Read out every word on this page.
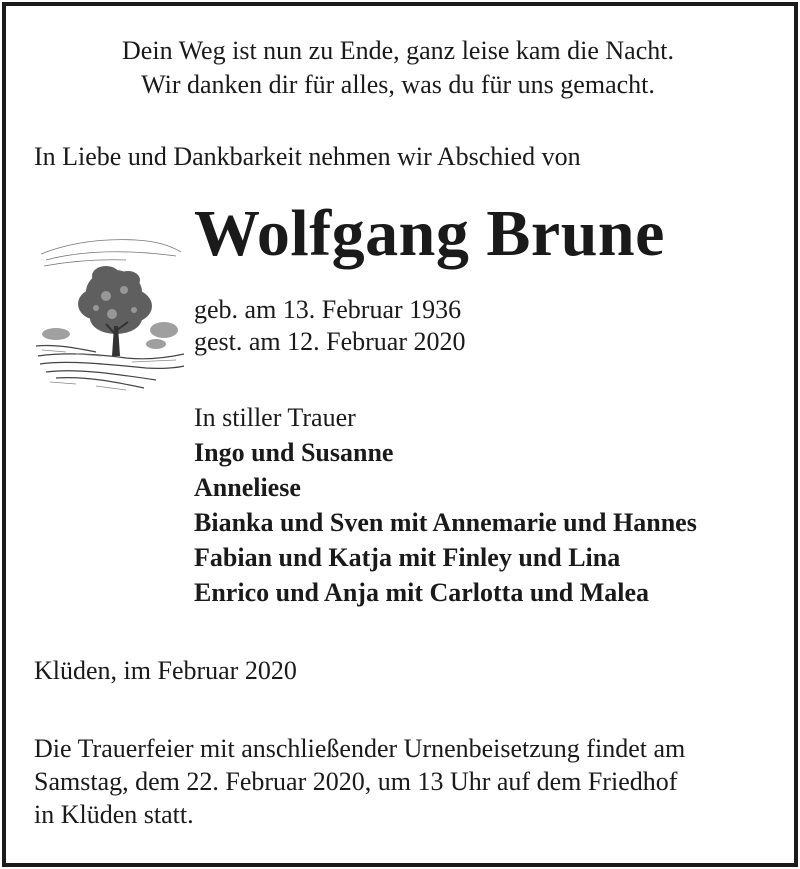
Dein Weg ist nun zu Ende, ganz leise kam die Nacht.
Wir danken dir für alles, was du für uns gemacht.
In Liebe und Dankbarkeit nehmen wir Abschied von
Wolfgang Brune
geb. am 13. Februar 1936
gest. am 12. Februar 2020
In stiller Trauer
Ingo und Susanne
Anneliese
Bianka und Sven mit Annemarie und Hannes
Fabian und Katja mit Finley und Lina
Enrico und Anja mit Carlotta und Malea
Klüden, im Februar 2020
Die Trauerfeier mit anschließender Urnenbeisetzung findet am
Samstag, dem 22. Februar 2020, um 13 Uhr auf dem Friedhof
in Klüden statt.
